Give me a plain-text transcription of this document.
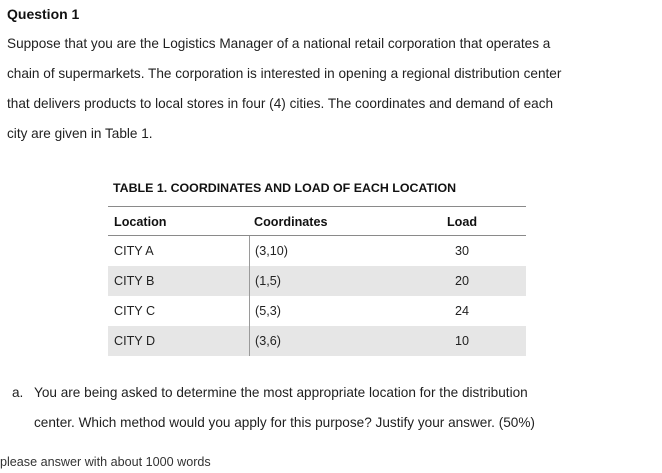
Question 1
Suppose that you are the Logistics Manager of a national retail corporation that operates a
chain of supermarkets. The corporation is interested in opening a regional distribution center
that delivers products to local stores in four (4) cities. The coordinates and demand of each
city are given in Table 1.
TABLE 1. COORDINATES AND LOAD OF EACH LOCATION
Location	Coordinates	Load
CITY A	(3,10)	30
CITY B	(1,5)	20
CITY C	(5,3)	24
CITY D	(3,6)	10
a. You are being asked to determine the most appropriate location for the distribution
center. Which method would you apply for this purpose? Justify your answer. (50%)
please answer with about 1000 words
